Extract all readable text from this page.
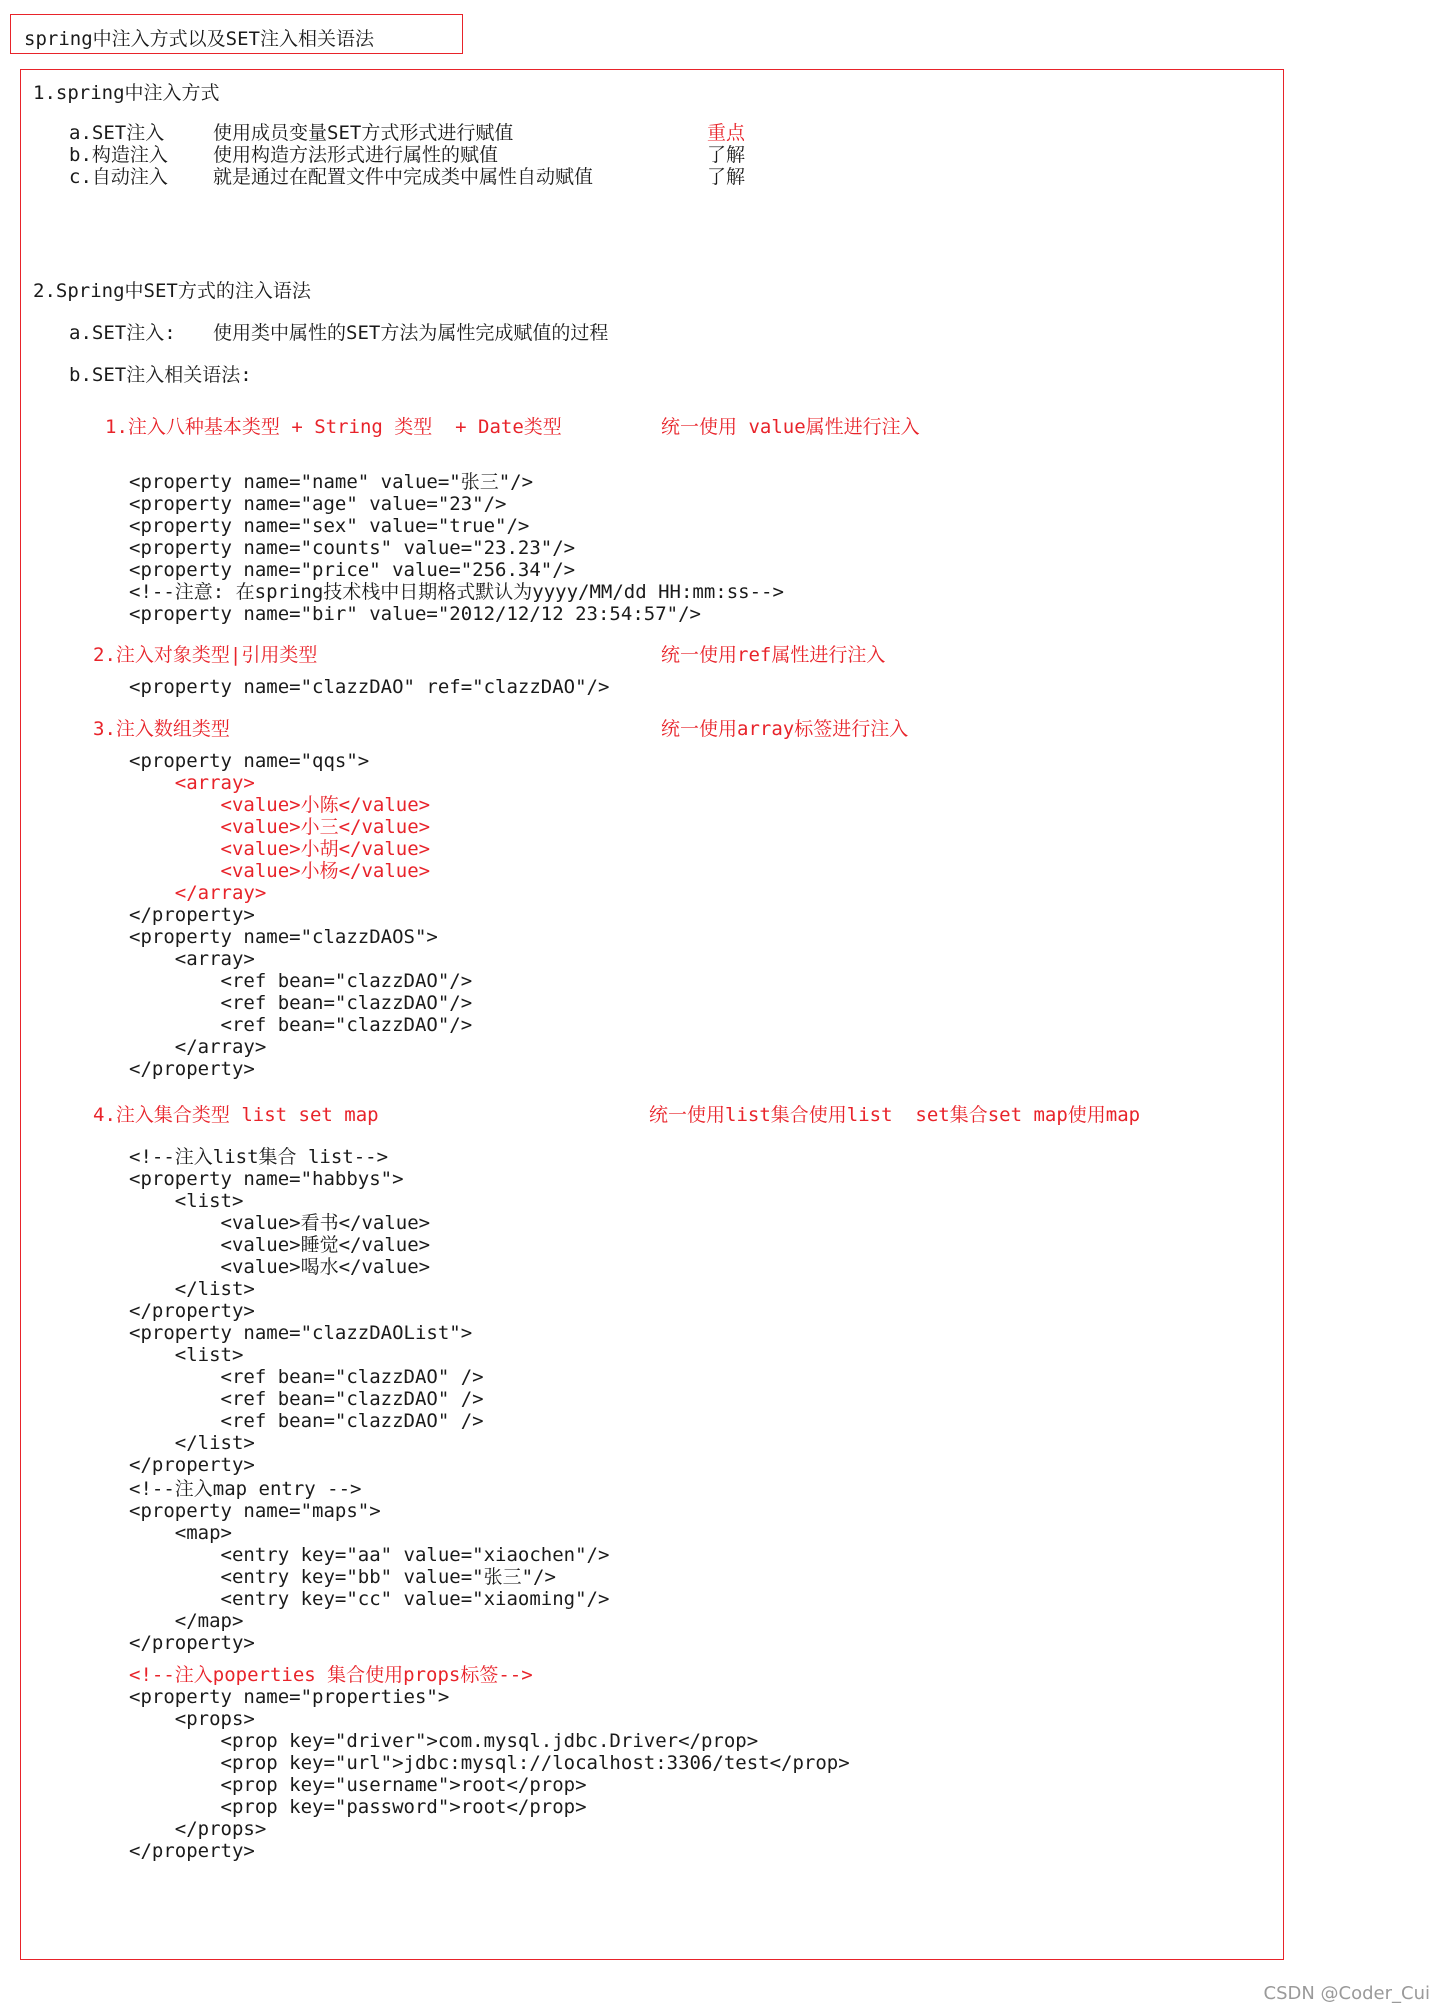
spring中注入方式以及SET注入相关语法
1.spring中注入方式
a.SET注入	使用成员变量SET方式形式进行赋值	重点
b.构造注入 使用构造方法形式进行属性的赋值	了解
c.自动注入 就是通过在配置文件中完成类中属性自动赋值	了解
2.Spring中SET方式的注入语法
a.SET注入: 使用类中属性的SET方法为属性完成赋值的过程
b.SET注入相关语法:
1.注入八种基本类型 + String 类型  + Date类型	统一使用 value属性进行注入
<property name="name" value="张三"/>
<property name="age" value="23"/>
<property name="sex" value="true"/>
<property name="counts" value="23.23"/>
<property name="price" value="256.34"/>
<!--注意: 在spring技术栈中日期格式默认为yyyy/MM/dd HH:mm:ss-->
<property name="bir" value="2012/12/12 23:54:57"/>
2.注入对象类型|引用类型	统一使用ref属性进行注入
<property name="clazzDAO" ref="clazzDAO"/>
3.注入数组类型	统一使用array标签进行注入
<property name="qqs">
<array>
<value>小陈</value>
<value>小三</value>
<value>小胡</value>
<value>小杨</value>
</array>
</property>
<property name="clazzDAOS">
<array>
<ref bean="clazzDAO"/>
<ref bean="clazzDAO"/>
<ref bean="clazzDAO"/>
</array>
</property>
4.注入集合类型 list set map	统一使用list集合使用list  set集合set map使用map
<!--注入list集合 list-->
<property name="habbys">
<list>
<value>看书</value>
<value>睡觉</value>
<value>喝水</value>
</list>
</property>
<property name="clazzDAOList">
<list>
<ref bean="clazzDAO" />
<ref bean="clazzDAO" />
<ref bean="clazzDAO" />
</list>
</property>
<!--注入map entry -->
<property name="maps">
<map>
<entry key="aa" value="xiaochen"/>
<entry key="bb" value="张三"/>
<entry key="cc" value="xiaoming"/>
</map>
</property>
<!--注入poperties 集合使用props标签-->
<property name="properties">
<props>
<prop key="driver">com.mysql.jdbc.Driver</prop>
<prop key="url">jdbc:mysql://localhost:3306/test</prop>
<prop key="username">root</prop>
<prop key="password">root</prop>
</props>
</property>
CSDN @Coder_Cui
